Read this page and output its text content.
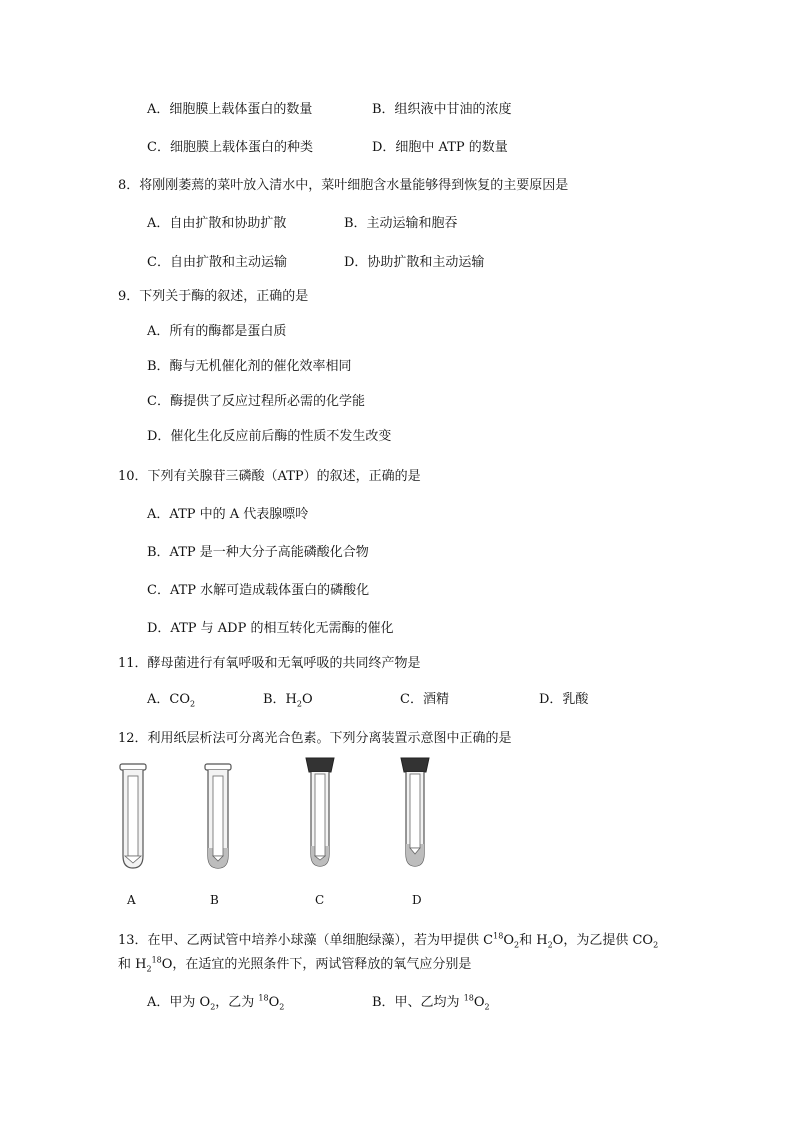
A．细胞膜上载体蛋白的数量	B．组织液中甘油的浓度
C．细胞膜上载体蛋白的种类	D．细胞中 ATP 的数量
8．将刚刚萎蔫的菜叶放入清水中，菜叶细胞含水量能够得到恢复的主要原因是
A．自由扩散和协助扩散	B．主动运输和胞吞
C．自由扩散和主动运输	D．协助扩散和主动运输
9．下列关于酶的叙述，正确的是
A．所有的酶都是蛋白质
B．酶与无机催化剂的催化效率相同
C．酶提供了反应过程所必需的化学能
D．催化生化反应前后酶的性质不发生改变
10．下列有关腺苷三磷酸（ATP）的叙述，正确的是
A．ATP 中的 A 代表腺嘌呤
B．ATP 是一种大分子高能磷酸化合物
C．ATP 水解可造成载体蛋白的磷酸化
D．ATP 与 ADP 的相互转化无需酶的催化
11．酵母菌进行有氧呼吸和无氧呼吸的共同终产物是
A．$CO_2$	B．$H_2O$	C．酒精	D．乳酸
12．利用纸层析法可分离光合色素。下列分离装置示意图中正确的是
A	B	C	D
13．在甲、乙两试管中培养小球藻（单细胞绿藻），若为甲提供 $C^{18}O_2$和 $H_2O$，为乙提供 $CO_2$
和 $H_2^{18}O$，在适宜的光照条件下，两试管释放的氧气应分别是
A．甲为 $O_2$，乙为 $^{18}O_2$	B．甲、乙均为 $^{18}O_2$
